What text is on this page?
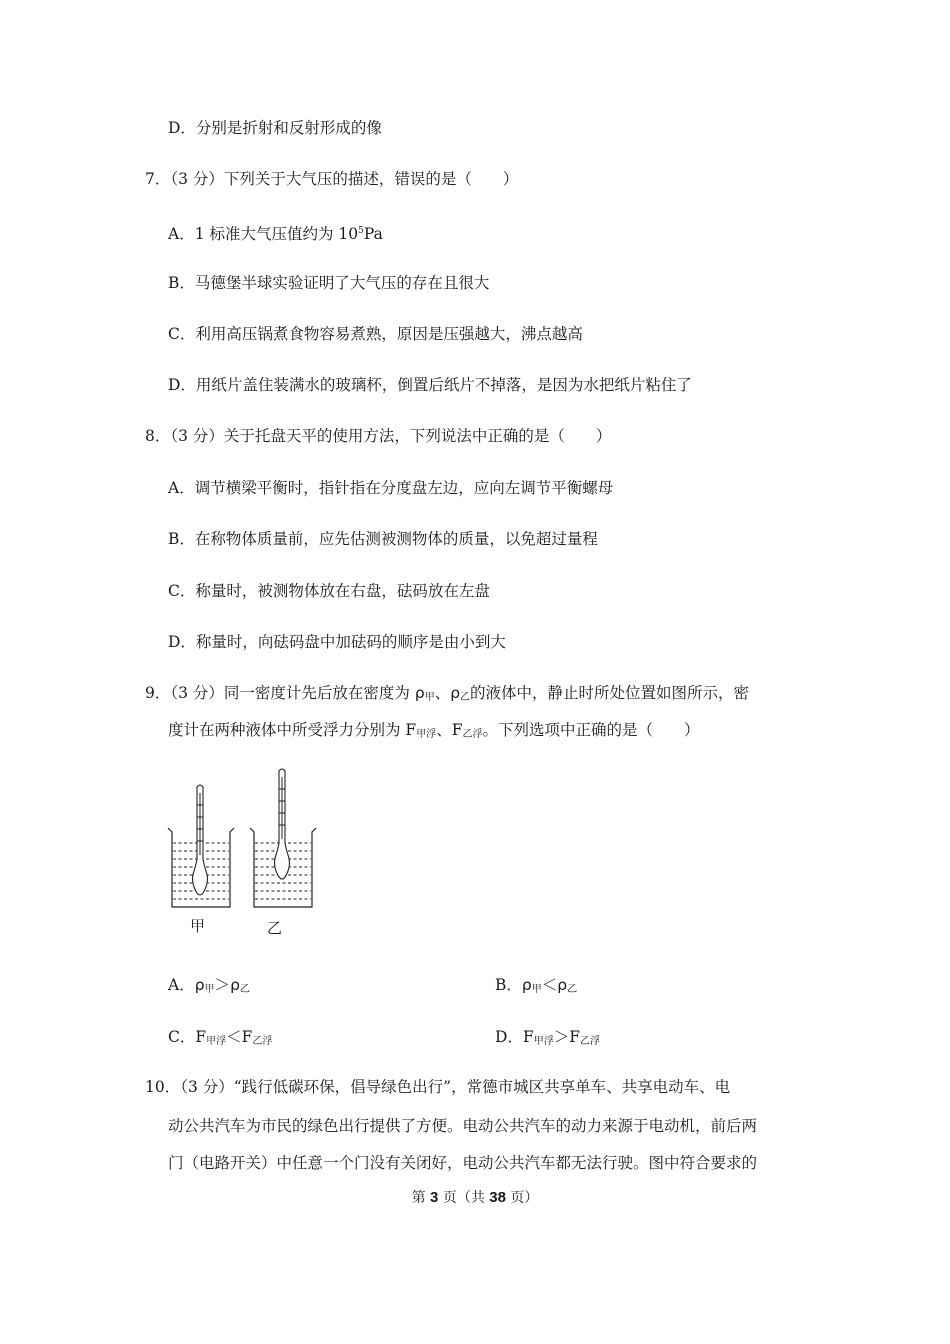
D．分别是折射和反射形成的像
7．（3 分）下列关于大气压的描述，错误的是（　　）
A．1 标准大气压值约为 $10^5Pa$
B．马德堡半球实验证明了大气压的存在且很大
C．利用高压锅煮食物容易煮熟，原因是压强越大，沸点越高
D．用纸片盖住装满水的玻璃杯，倒置后纸片不掉落，是因为水把纸片粘住了
8．（3 分）关于托盘天平的使用方法，下列说法中正确的是（　　）
A．调节横梁平衡时，指针指在分度盘左边，应向左调节平衡螺母
B．在称物体质量前，应先估测被测物体的质量，以免超过量程
C．称量时，被测物体放在右盘，砝码放在左盘
D．称量时，向砝码盘中加砝码的顺序是由小到大
9．（3 分）同一密度计先后放在密度为 ρ甲、ρ乙的液体中，静止时所处位置如图所示，密
度计在两种液体中所受浮力分别为 F甲浮、F乙浮。下列选项中正确的是（　　）
甲	乙
A．ρ甲＞ρ乙	B．ρ甲＜ρ乙
C．F甲浮＜F乙浮	D．F甲浮＞F乙浮
10．（3 分）“践行低碳环保，倡导绿色出行”，常德市城区共享单车、共享电动车、电
动公共汽车为市民的绿色出行提供了方便。电动公共汽车的动力来源于电动机，前后两
门（电路开关）中任意一个门没有关闭好，电动公共汽车都无法行驶。图中符合要求的
第 3 页（共 38 页）
